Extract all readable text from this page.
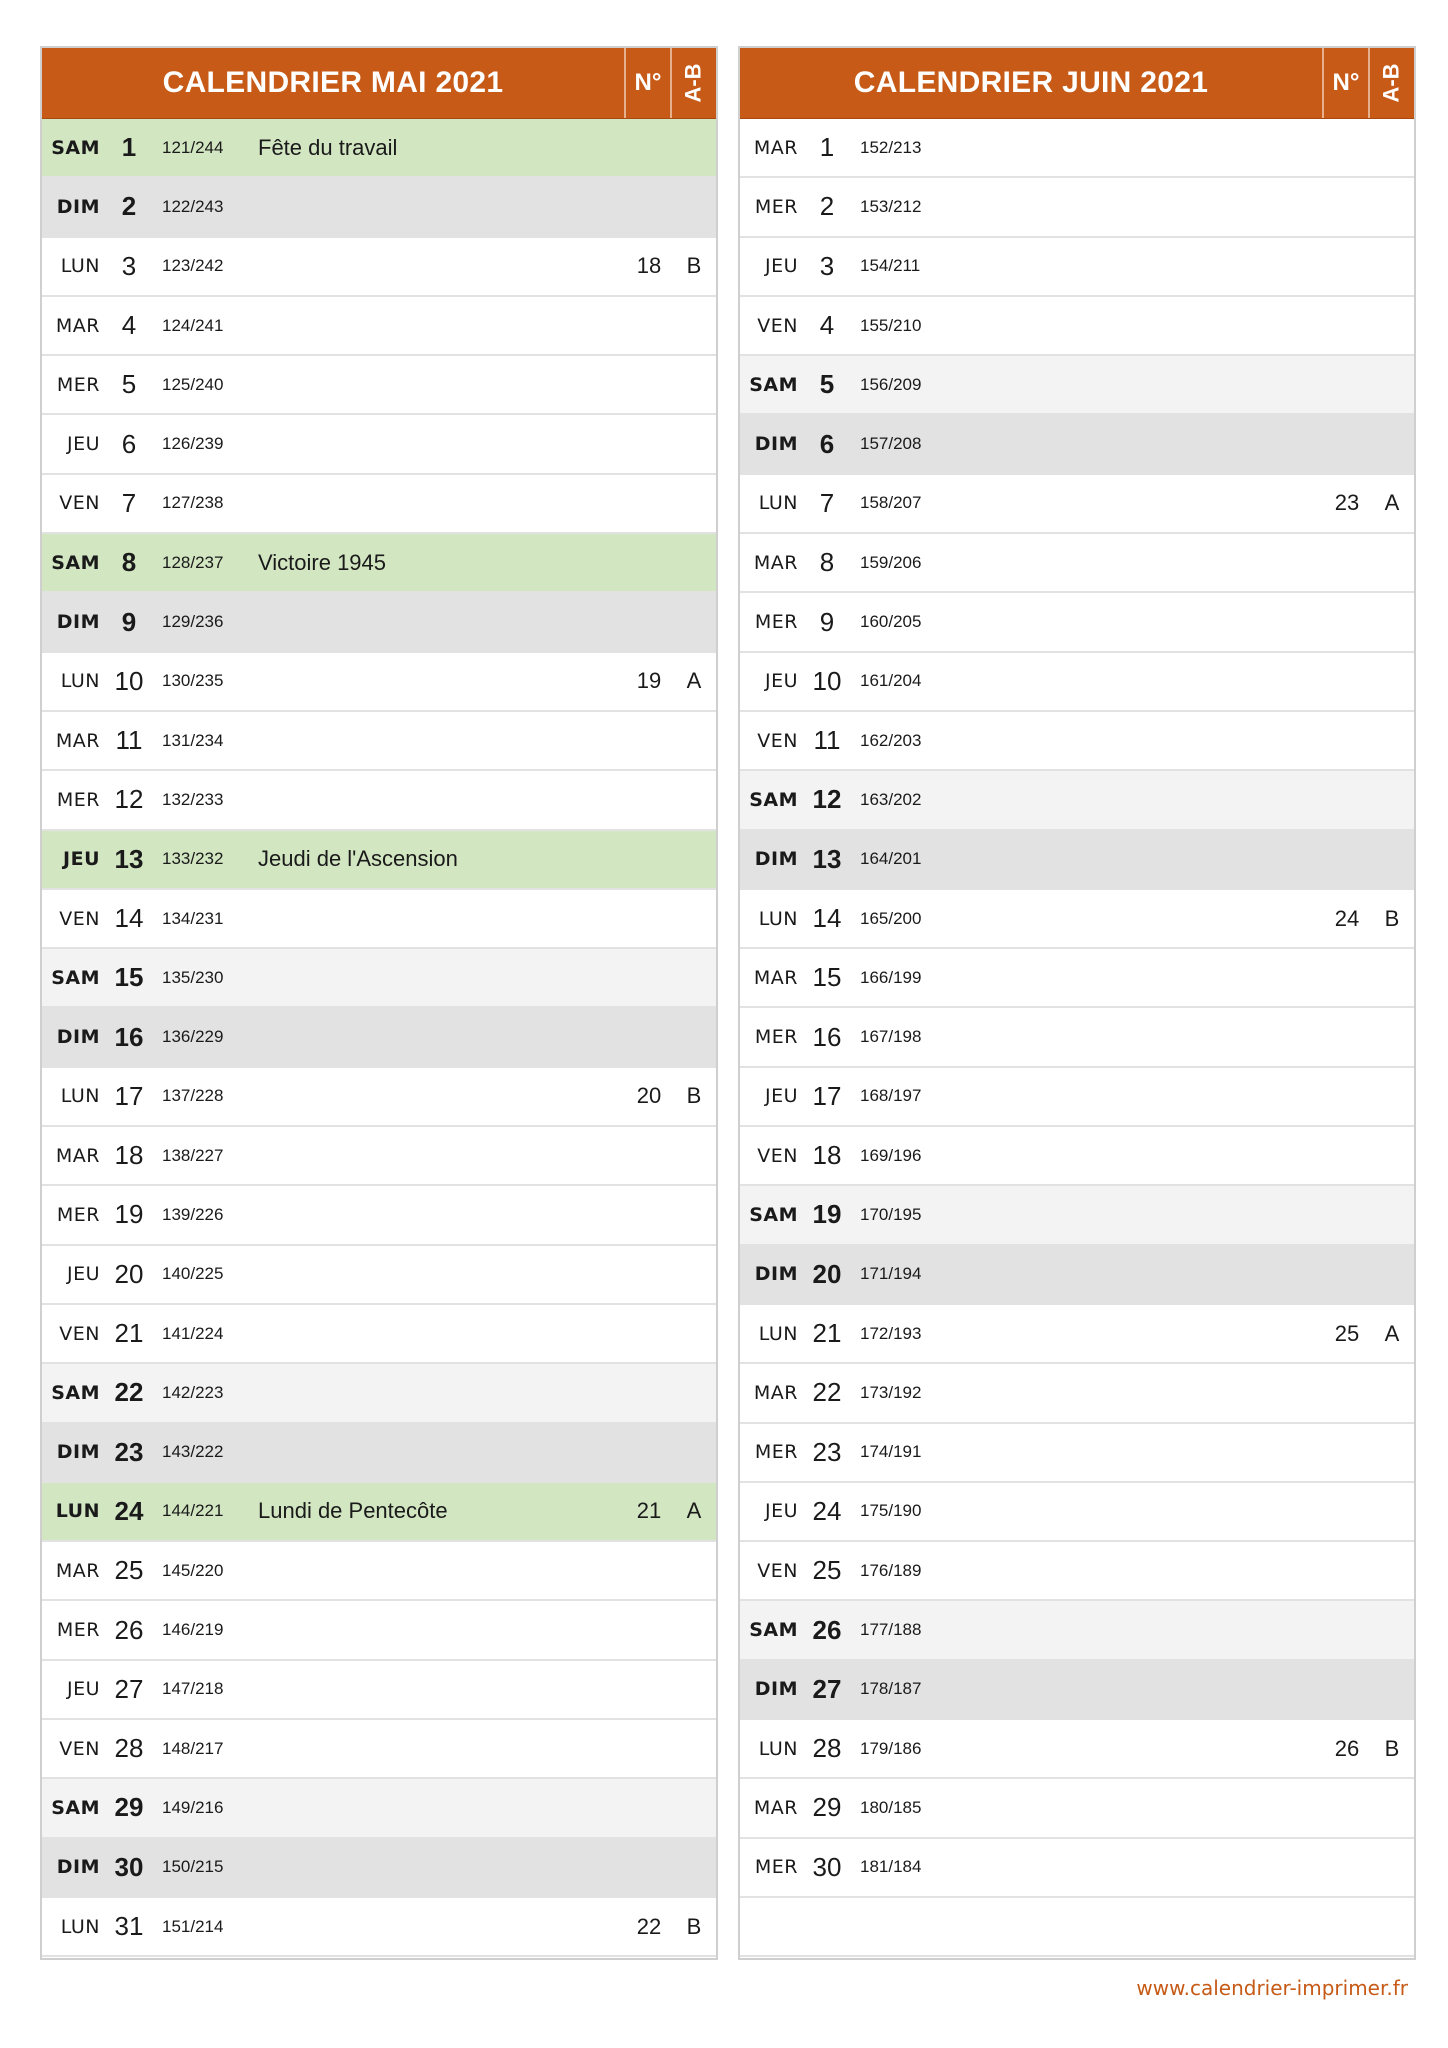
CALENDRIER MAI 2021	N° A-B
SAM 1	121/244	Fête du travail
DIM 2	122/243
LUN 3	123/242	18	B
MAR 4	124/241
MER 5	125/240
JEU 6	126/239
VEN 7	127/238
SAM 8	128/237	Victoire 1945
DIM 9	129/236
LUN 10	130/235	19	A
MAR 11	131/234
MER 12	132/233
JEU 13	133/232	Jeudi de l'Ascension
VEN 14	134/231
SAM 15	135/230
DIM 16	136/229
LUN 17	137/228	20	B
MAR 18	138/227
MER 19	139/226
JEU 20	140/225
VEN 21	141/224
SAM 22	142/223
DIM 23	143/222
LUN 24	144/221	Lundi de Pentecôte	21	A
MAR 25	145/220
MER 26	146/219
JEU 27	147/218
VEN 28	148/217
SAM 29	149/216
DIM 30	150/215
LUN 31	151/214	22	B
CALENDRIER JUIN 2021	N° A-B
MAR 1	152/213
MER 2	153/212
JEU 3	154/211
VEN 4	155/210
SAM 5	156/209
DIM 6	157/208
LUN 7	158/207	23	A
MAR 8	159/206
MER 9	160/205
JEU 10	161/204
VEN 11	162/203
SAM 12	163/202
DIM 13	164/201
LUN 14	165/200	24	B
MAR 15	166/199
MER 16	167/198
JEU 17	168/197
VEN 18	169/196
SAM 19	170/195
DIM 20	171/194
LUN 21	172/193	25	A
MAR 22	173/192
MER 23	174/191
JEU 24	175/190
VEN 25	176/189
SAM 26	177/188
DIM 27	178/187
LUN 28	179/186	26	B
MAR 29	180/185
MER 30	181/184
www.calendrier-imprimer.fr
